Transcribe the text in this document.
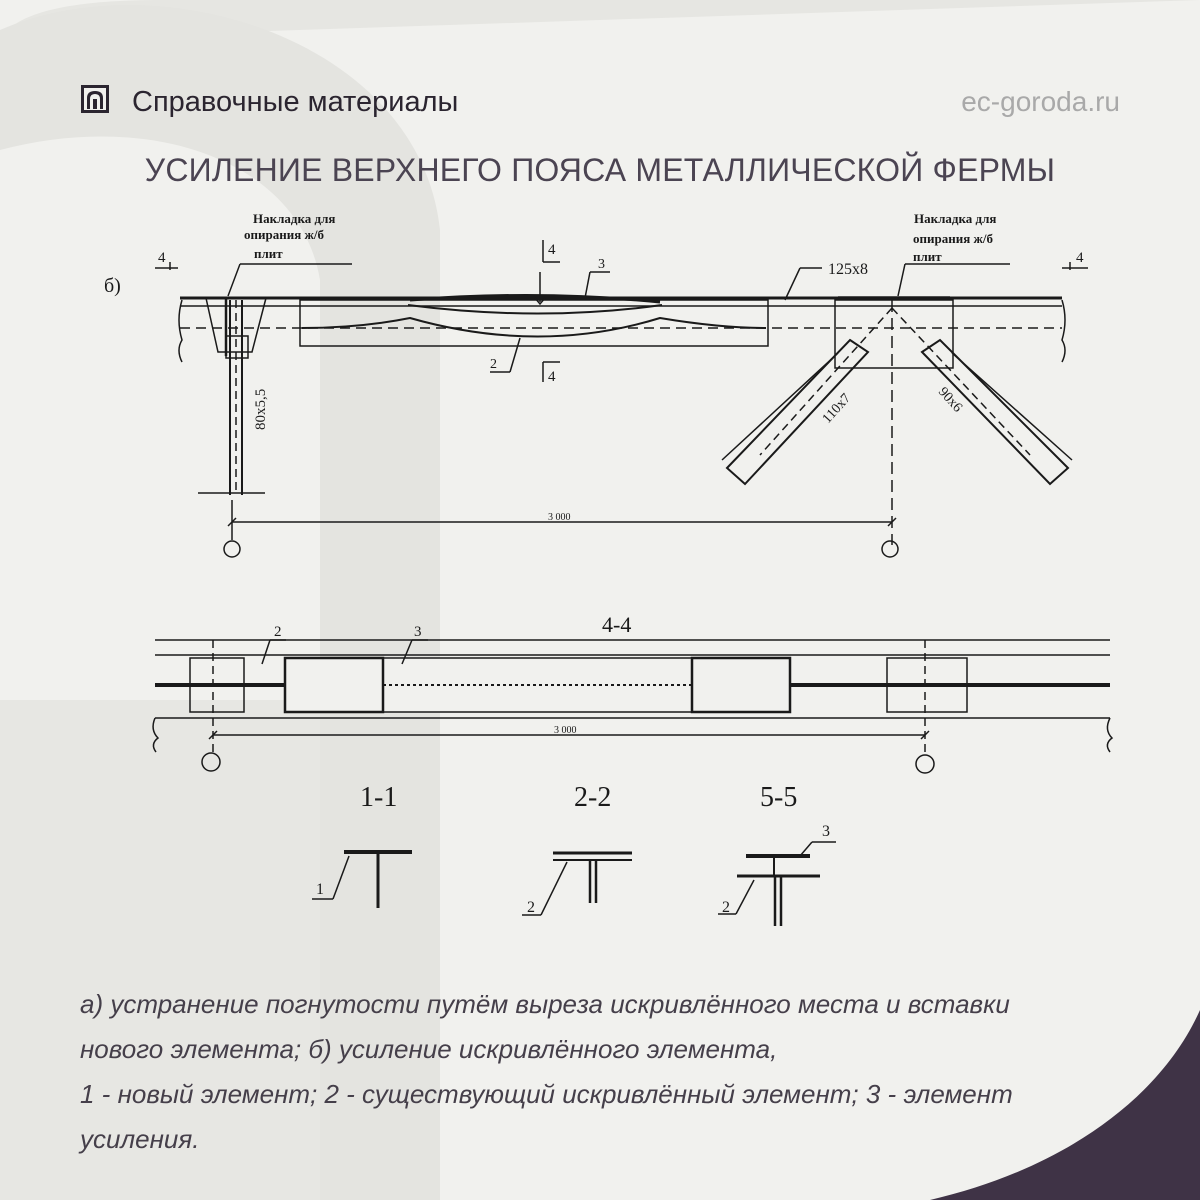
Справочные материалы	ec-goroda.ru
УСИЛЕНИЕ ВЕРХНЕГО ПОЯСА МЕТАЛЛИЧЕСКОЙ ФЕРМЫ
б)
Накладка для
опирания ж/б
плит
Накладка для
опирания ж/б
плит
4	4
4
4
3
2
125x8
80x5,5	110x7	90x6
3 000
4-4
2	3
3 000
1-1	2-2	5-5
1
2
3
2

а) устранение погнутости путём выреза искривлённого места и вставки

нового элемента; б) усиление искривлённого элемента,

1 - новый элемент; 2 - существующий искривлённый элемент; 3 - элемент

усиления.
